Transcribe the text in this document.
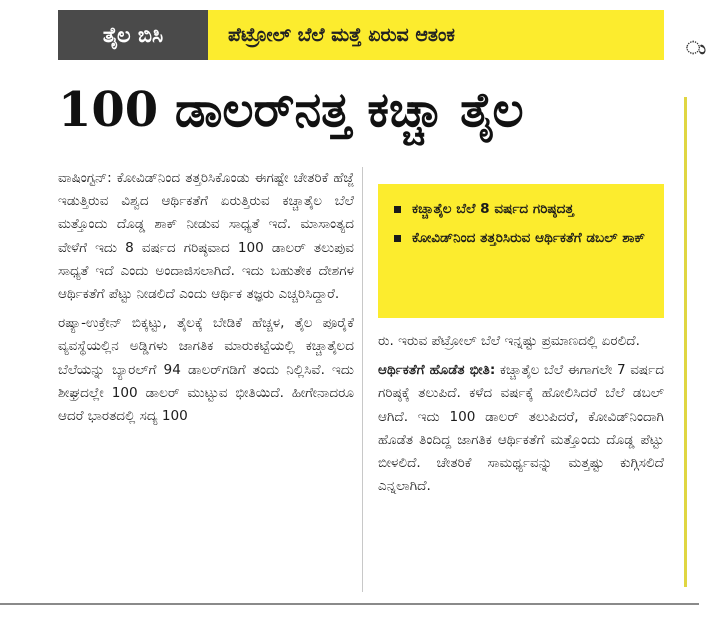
ತೈಲ ಬಿಸಿ	ಪೆಟ್ರೋಲ್ ಬೆಲೆ ಮತ್ತೆ ಏರುವ ಆತಂಕ
ು
100 ಡಾಲರ್‌ನತ್ತ ಕಚ್ಚಾ ತೈಲ

ವಾಷಿಂಗ್ಟನ್: ಕೋವಿಡ್‌ನಿಂದ ತತ್ತರಿಸಿಕೊಂಡು ಈಗಷ್ಟೇ ಚೇತರಿಕೆ ಹೆಜ್ಜೆ ಇಡುತ್ತಿರುವ ವಿಶ್ವದ ಆರ್ಥಿಕತೆಗೆ ಏರುತ್ತಿರುವ ಕಚ್ಚಾತೈಲ ಬೆಲೆ ಮತ್ತೊಂದು ದೊಡ್ಡ ಶಾಕ್ ನೀಡುವ ಸಾಧ್ಯತೆ ಇದೆ. ಮಾಸಾಂತ್ಯದ ವೇಳೆಗೆ ಇದು 8 ವರ್ಷದ ಗರಿಷ್ಠವಾದ 100 ಡಾಲರ್ ತಲುಪುವ ಸಾಧ್ಯತೆ ಇದೆ ಎಂದು ಅಂದಾಜಿಸಲಾಗಿದೆ. ಇದು ಬಹುತೇಕ ದೇಶಗಳ ಆರ್ಥಿಕತೆಗೆ ಪೆಟ್ಟು ನೀಡಲಿದೆ ಎಂದು ಆರ್ಥಿಕ ತಜ್ಞರು ಎಚ್ಚರಿಸಿದ್ದಾರೆ.

ರಷ್ಯಾ-ಉಕ್ರೇನ್ ಬಿಕ್ಕಟ್ಟು, ತೈಲಕ್ಕೆ ಬೇಡಿಕೆ ಹೆಚ್ಚಳ, ತೈಲ ಪೂರೈಕೆ ವ್ಯವಸ್ಥೆಯಲ್ಲಿನ ಅಡ್ಡಿಗಳು ಜಾಗತಿಕ ಮಾರುಕಟ್ಟೆಯಲ್ಲಿ ಕಚ್ಚಾತೈಲದ ಬೆಲೆಯನ್ನು ಬ್ಯಾರಲ್‌ಗೆ 94 ಡಾಲರ್‌ಗಡಿಗೆ ತಂದು ನಿಲ್ಲಿಸಿವೆ. ಇದು ಶೀಘ್ರದಲ್ಲೇ 100 ಡಾಲರ್ ಮುಟ್ಟುವ ಭೀತಿಯಿದೆ. ಹೀಗೇನಾದರೂ ಆದರೆ ಭಾರತದಲ್ಲಿ ಸದ್ಯ 100

ಕಚ್ಚಾತೈಲ ಬೆಲೆ 8 ವರ್ಷದ ಗರಿಷ್ಠದತ್ತ
ಕೋವಿಡ್‌ನಿಂದ ತತ್ತರಿಸಿರುವ ಆರ್ಥಿಕತೆಗೆ ಡಬಲ್ ಶಾಕ್

ರು. ಇರುವ ಪೆಟ್ರೋಲ್ ಬೆಲೆ ಇನ್ನಷ್ಟು ಪ್ರಮಾಣದಲ್ಲಿ ಏರಲಿದೆ.

ಆರ್ಥಿಕತೆಗೆ ಹೊಡೆತ ಭೀತಿ: ಕಚ್ಚಾತೈಲ ಬೆಲೆ ಈಗಾಗಲೇ 7 ವರ್ಷದ ಗರಿಷ್ಠಕ್ಕೆ ತಲುಪಿದೆ. ಕಳೆದ ವರ್ಷಕ್ಕೆ ಹೋಲಿಸಿದರೆ ಬೆಲೆ ಡಬಲ್ ಆಗಿದೆ. ಇದು 100 ಡಾಲರ್ ತಲುಪಿದರೆ, ಕೋವಿಡ್‌ನಿಂದಾಗಿ ಹೊಡೆತ ತಿಂದಿದ್ದ ಜಾಗತಿಕ ಆರ್ಥಿಕತೆಗೆ ಮತ್ತೊಂದು ದೊಡ್ಡ ಪೆಟ್ಟು ಬೀಳಲಿದೆ. ಚೇತರಿಕೆ ಸಾಮರ್ಥ್ಯವನ್ನು ಮತ್ತಷ್ಟು ಕುಗ್ಗಿಸಲಿದೆ ಎನ್ನಲಾಗಿದೆ.
